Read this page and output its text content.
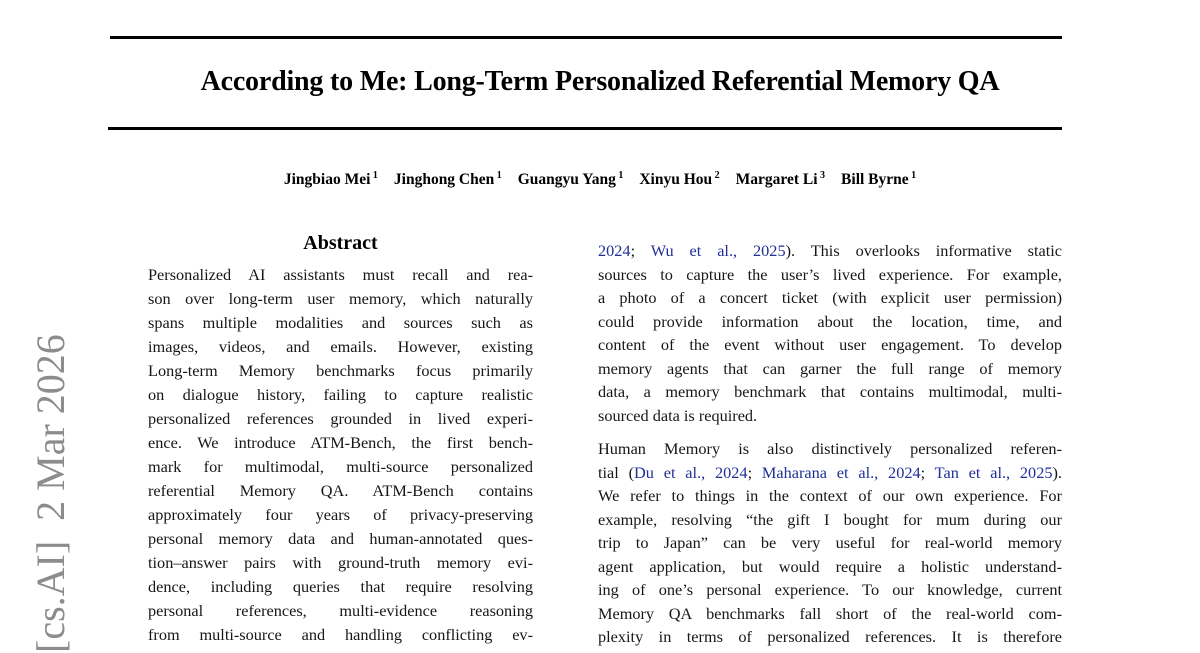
According to Me: Long-Term Personalized Referential Memory QA
Jingbiao Mei $^1$ Jinghong Chen $^1$ Guangyu Yang $^1$ Xinyu Hou $^2$ Margaret Li $^3$ Bill Byrne $^1$
Abstract
Personalized AI assistants must recall and rea-
son over long-term user memory, which naturally
spans multiple modalities and sources such as
images, videos, and emails. However, existing
Long-term Memory benchmarks focus primarily
on dialogue history, failing to capture realistic
personalized references grounded in lived experi-
ence. We introduce ATM-Bench, the first bench-
mark for multimodal, multi-source personalized
referential Memory QA. ATM-Bench contains
approximately four years of privacy-preserving
personal memory data and human-annotated ques-
tion–answer pairs with ground-truth memory evi-
dence, including queries that require resolving
personal references, multi-evidence reasoning
from multi-source and handling conflicting ev-
2024; Wu et al., 2025). This overlooks informative static
sources to capture the user’s lived experience. For example,
a photo of a concert ticket (with explicit user permission)
could provide information about the location, time, and
content of the event without user engagement. To develop
memory agents that can garner the full range of memory
data, a memory benchmark that contains multimodal, multi-
sourced data is required.
Human Memory is also distinctively personalized referen-
tial (Du et al., 2024; Maharana et al., 2024; Tan et al., 2025).
We refer to things in the context of our own experience. For
example, resolving “the gift I bought for mum during our
trip to Japan” can be very useful for real-world memory
agent application, but would require a holistic understand-
ing of one’s personal experience. To our knowledge, current
Memory QA benchmarks fall short of the real-world com-
plexity in terms of personalized references. It is therefore
[cs.AI]  2 Mar 2026
